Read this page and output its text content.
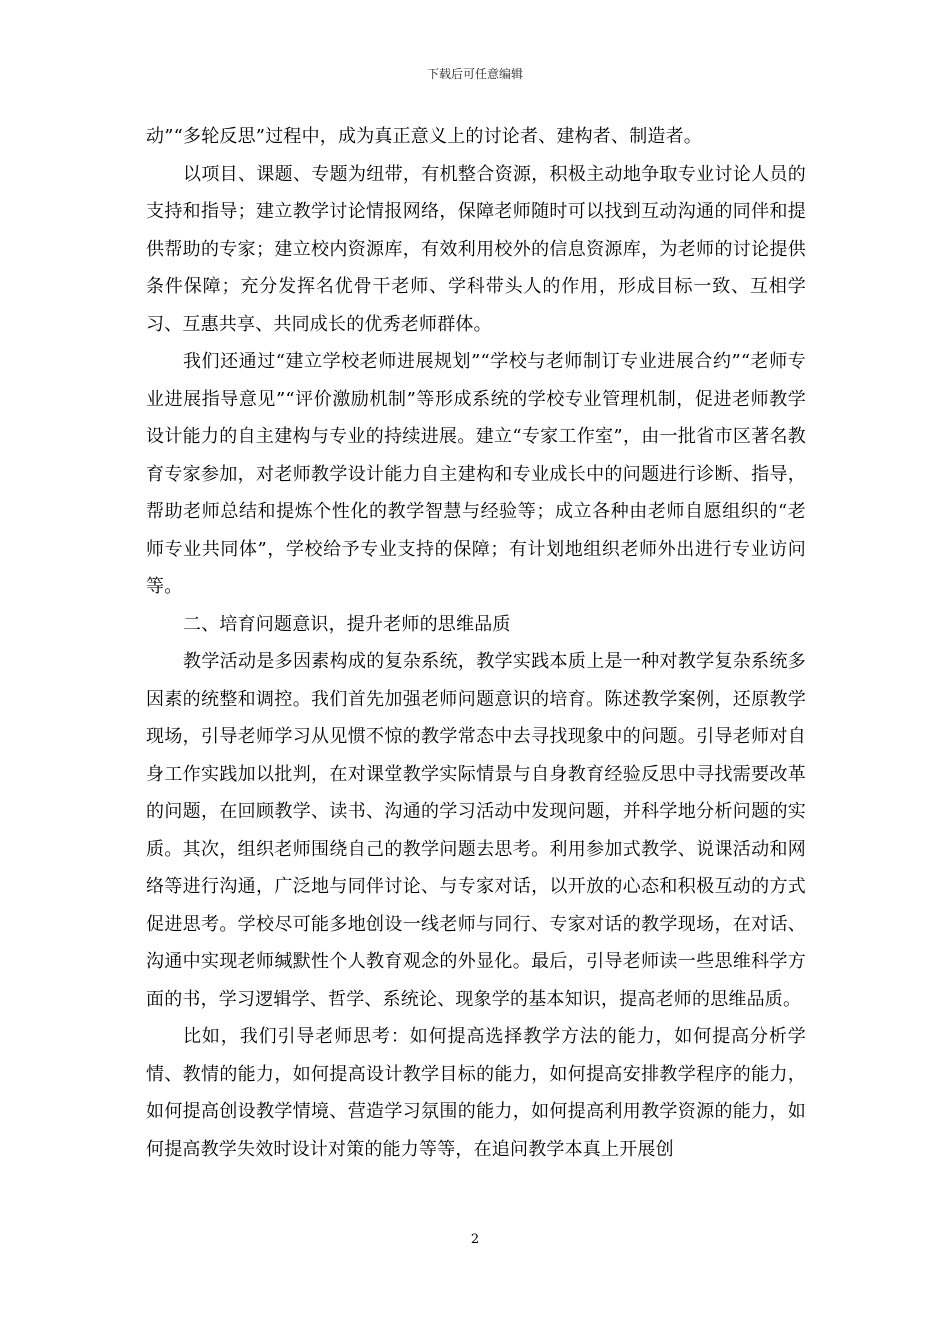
下载后可任意编辑

动”“多轮反思”过程中，成为真正意义上的讨论者、建构者、制造者。

以项目、课题、专题为纽带，有机整合资源，积极主动地争取专业讨论人员的支持和指导；建立教学讨论情报网络，保障老师随时可以找到互动沟通的同伴和提供帮助的专家；建立校内资源库，有效利用校外的信息资源库，为老师的讨论提供条件保障；充分发挥名优骨干老师、学科带头人的作用，形成目标一致、互相学习、互惠共享、共同成长的优秀老师群体。

我们还通过“建立学校老师进展规划”“学校与老师制订专业进展合约”“老师专业进展指导意见”“评价激励机制”等形成系统的学校专业管理机制，促进老师教学设计能力的自主建构与专业的持续进展。建立“专家工作室”，由一批省市区著名教育专家参加，对老师教学设计能力自主建构和专业成长中的问题进行诊断、指导，帮助老师总结和提炼个性化的教学智慧与经验等；成立各种由老师自愿组织的“老师专业共同体”，学校给予专业支持的保障；有计划地组织老师外出进行专业访问等。

二、培育问题意识，提升老师的思维品质

教学活动是多因素构成的复杂系统，教学实践本质上是一种对教学复杂系统多因素的统整和调控。我们首先加强老师问题意识的培育。陈述教学案例，还原教学现场，引导老师学习从见惯不惊的教学常态中去寻找现象中的问题。引导老师对自身工作实践加以批判，在对课堂教学实际情景与自身教育经验反思中寻找需要改革的问题，在回顾教学、读书、沟通的学习活动中发现问题，并科学地分析问题的实质。其次，组织老师围绕自己的教学问题去思考。利用参加式教学、说课活动和网络等进行沟通，广泛地与同伴讨论、与专家对话，以开放的心态和积极互动的方式促进思考。学校尽可能多地创设一线老师与同行、专家对话的教学现场，在对话、沟通中实现老师缄默性个人教育观念的外显化。最后，引导老师读一些思维科学方面的书，学习逻辑学、哲学、系统论、现象学的基本知识，提高老师的思维品质。

比如，我们引导老师思考：如何提高选择教学方法的能力，如何提高分析学情、教情的能力，如何提高设计教学目标的能力，如何提高安排教学程序的能力，如何提高创设教学情境、营造学习氛围的能力，如何提高利用教学资源的能力，如何提高教学失效时设计对策的能力等等，在追问教学本真上开展创

2
